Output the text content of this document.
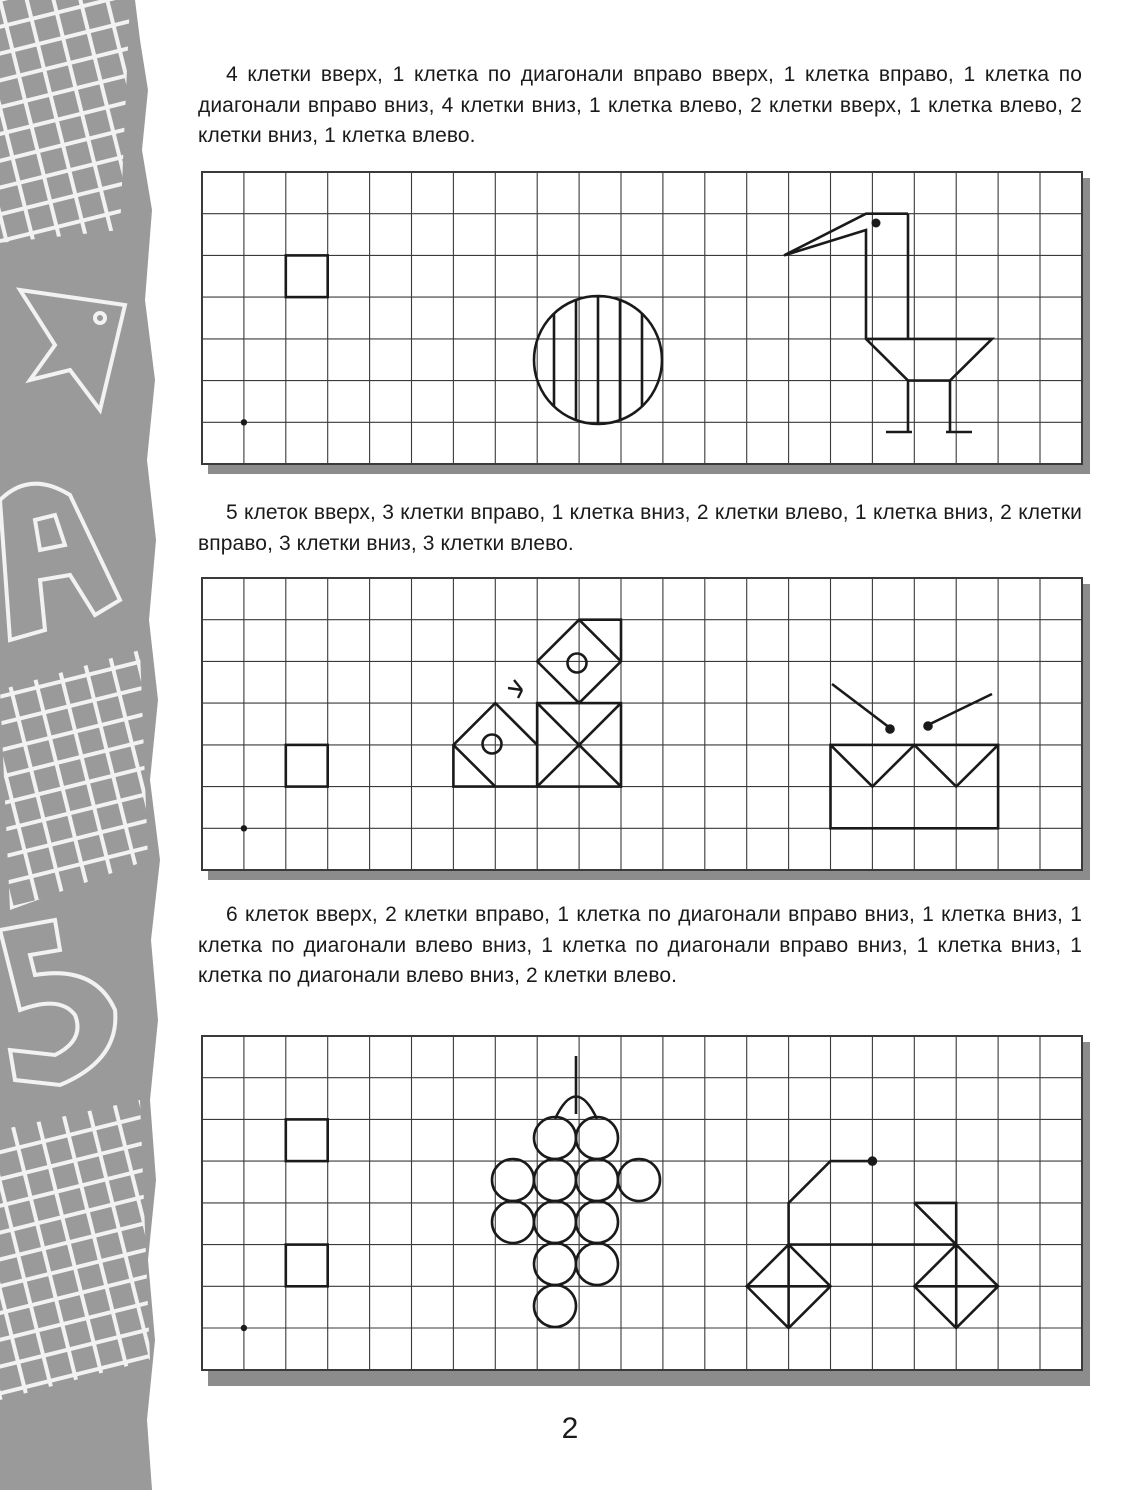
4 клетки вверх, 1 клетка по диагонали вправо вверх, 1 клетка вправо, 1 клетка по диагонали вправо вниз, 4 клетки вниз, 1 клетка влево, 2 клетки вверх, 1 клетка влево, 2 клетки вниз, 1 клетка влево.

5 клеток вверх, 3 клетки вправо, 1 клетка вниз, 2 клетки влево, 1 клетка вниз, 2 клетки вправо, 3 клетки вниз, 3 клетки влево.

6 клеток вверх, 2 клетки вправо, 1 клетка по диагонали вправо вниз, 1 клетка вниз, 1 клетка по диагонали влево вниз, 1 клетка по диагонали вправо вниз, 1 клетка вниз, 1 клетка по диагонали влево вниз, 2 клетки влево.

2
